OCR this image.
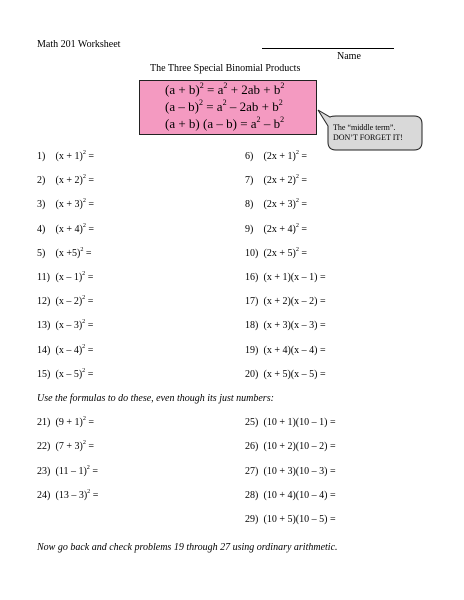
Math 201 Worksheet
Name
The Three Special Binomial Products
$(a + b)^2 = a^2 + 2ab + b^2$
$(a - b)^2 = a^2 - 2ab + b^2$
(a + b) $(a - b) = a^2 - b^2$
The “middle term”.
DON’T FORGET IT!
1) $(x + 1)^2$ =
2) $(x + 2)^2$ =
3) $(x + 3)^2$ =
4) $(x + 4)^2$ =
5) $(x +5)^2$ =
11) (x – 1)$^2$ =
12) (x – 2)$^2$ =
13) (x – 3)$^2$ =
14) (x – 4)$^2$ =
15) (x – 5)$^2$ =
6) $(2x + 1)^2$ =
7) $(2x + 2)^2$ =
8) $(2x + 3)^2$ =
9) $(2x + 4)^2$ =
10) $(2x + 5)^2$ =
16) (x + 1)(x – 1) =
17) (x + 2)(x – 2) =
18) (x + 3)(x – 3) =
19) (x + 4)(x – 4) =
20) (x + 5)(x – 5) =
Use the formulas to do these, even though its just numbers:
21) $(9 + 1)^2$ =
22) $(7 + 3)^2$ =
23) (11 – 1)$^2$ =
24) (13 – 3)$^2$ =
25) (10 + 1)(10 – 1) =
26) (10 + 2)(10 – 2) =
27) (10 + 3)(10 – 3) =
28) (10 + 4)(10 – 4) =
29) (10 + 5)(10 – 5) =
Now go back and check problems 19 through 27 using ordinary arithmetic.
